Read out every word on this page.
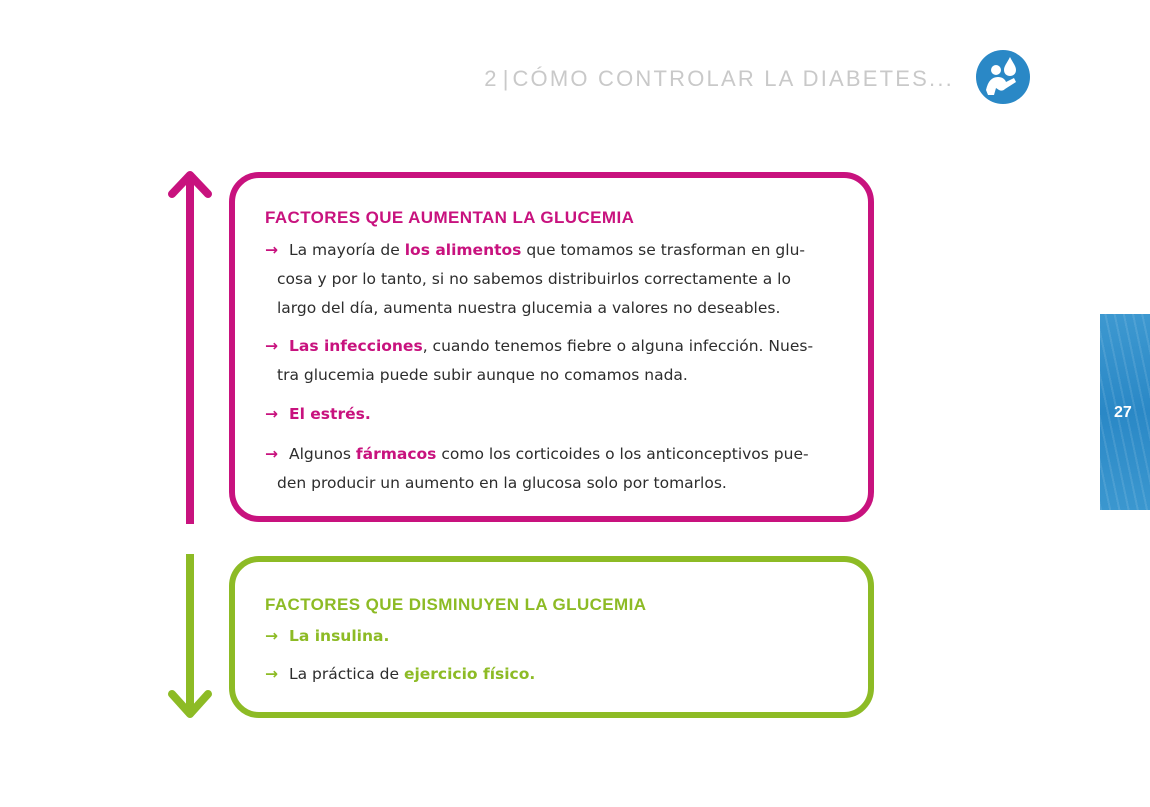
2 | CÓMO CONTROLAR LA DIABETES...
27
FACTORES QUE AUMENTAN LA GLUCEMIA
→ La mayoría de los alimentos que tomamos se trasforman en glu-
cosa y por lo tanto, si no sabemos distribuirlos correctamente a lo
largo del día, aumenta nuestra glucemia a valores no deseables.
→ Las infecciones, cuando tenemos fiebre o alguna infección. Nues-
tra glucemia puede subir aunque no comamos nada.
→ El estrés.
→ Algunos fármacos como los corticoides o los anticonceptivos pue-
den producir un aumento en la glucosa solo por tomarlos.
FACTORES QUE DISMINUYEN LA GLUCEMIA
→ La insulina.
→ La práctica de ejercicio físico.
